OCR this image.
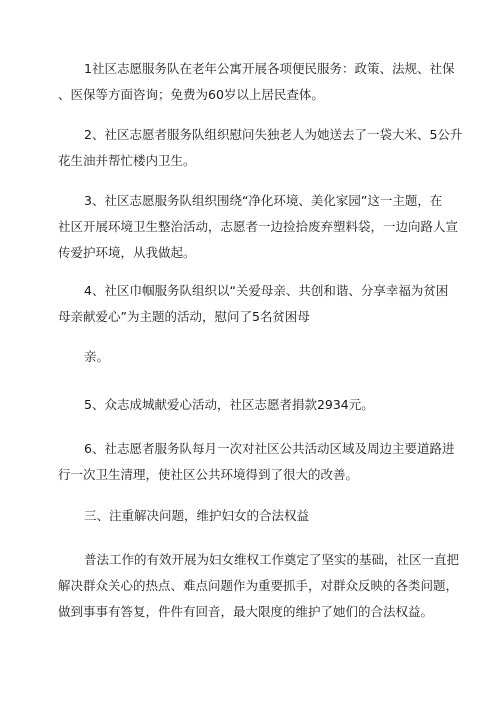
1社区志愿服务队在老年公寓开展各项便民服务：政策、法规、社保
、医保等方面咨询；免费为60岁以上居民查体。

2、社区志愿者服务队组织慰问失独老人为她送去了一袋大米、5公升
花生油并帮忙楼内卫生。

3、社区志愿服务队组织围绕“净化环境、美化家园”这一主题，在
社区开展环境卫生整治活动，志愿者一边捡拾废弃塑料袋，一边向路人宣
传爱护环境，从我做起。

4、社区巾帼服务队组织以“关爱母亲、共创和谐、分享幸福为贫困
母亲献爱心”为主题的活动，慰问了5名贫困母

亲。

5、众志成城献爱心活动，社区志愿者捐款2934元。

6、社志愿者服务队每月一次对社区公共活动区域及周边主要道路进
行一次卫生清理，使社区公共环境得到了很大的改善。

三、注重解决问题，维护妇女的合法权益

普法工作的有效开展为妇女维权工作奠定了坚实的基础，社区一直把
解决群众关心的热点、难点问题作为重要抓手，对群众反映的各类问题，
做到事事有答复，件件有回音，最大限度的维护了她们的合法权益。
